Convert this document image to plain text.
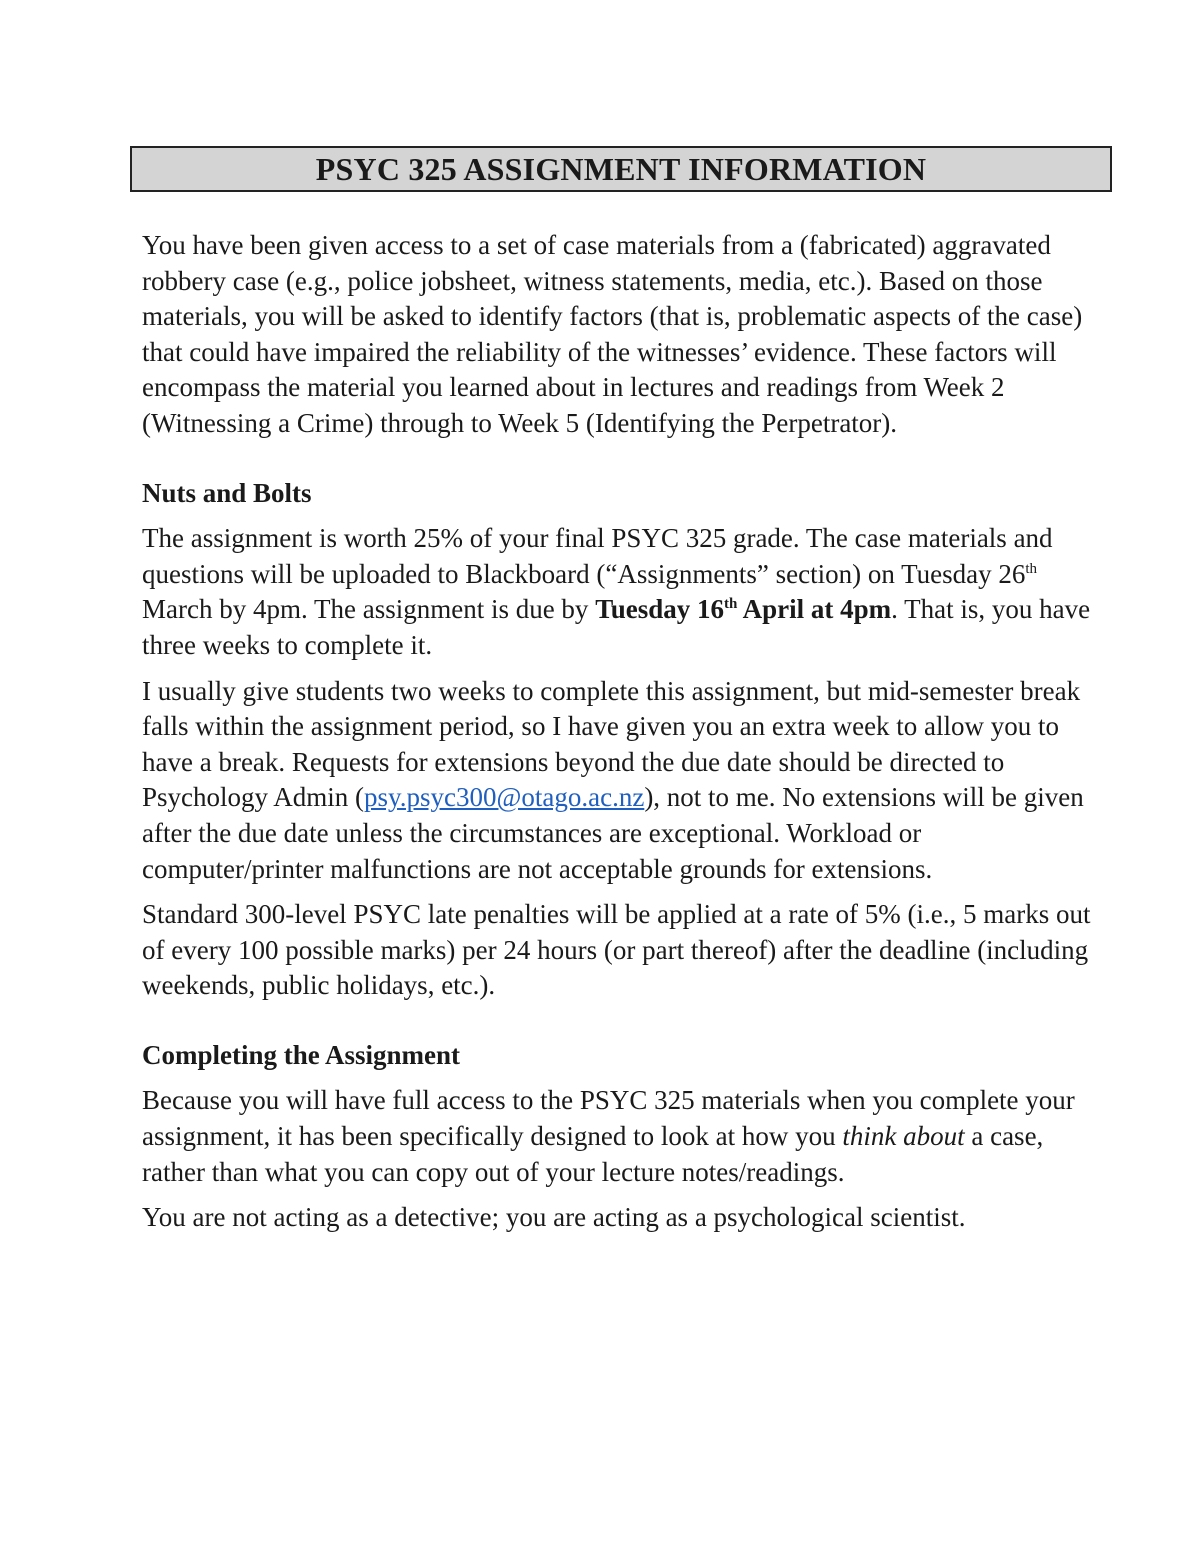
PSYC 325 ASSIGNMENT INFORMATION

You have been given access to a set of case materials from a (fabricated) aggravated robbery case (e.g., police jobsheet, witness statements, media, etc.). Based on those materials, you will be asked to identify factors (that is, problematic aspects of the case) that could have impaired the reliability of the witnesses’ evidence. These factors will encompass the material you learned about in lectures and readings from Week 2 (Witnessing a Crime) through to Week 5 (Identifying the Perpetrator).

Nuts and Bolts

The assignment is worth 25% of your final PSYC 325 grade. The case materials and questions will be uploaded to Blackboard (“Assignments” section) on Tuesday 26th March by 4pm. The assignment is due by Tuesday 16th April at 4pm. That is, you have three weeks to complete it.

I usually give students two weeks to complete this assignment, but mid-semester break falls within the assignment period, so I have given you an extra week to allow you to have a break. Requests for extensions beyond the due date should be directed to Psychology Admin (psy.psyc300@otago.ac.nz), not to me. No extensions will be given after the due date unless the circumstances are exceptional. Workload or computer/printer malfunctions are not acceptable grounds for extensions.

Standard 300-level PSYC late penalties will be applied at a rate of 5% (i.e., 5 marks out of every 100 possible marks) per 24 hours (or part thereof) after the deadline (including weekends, public holidays, etc.).

Completing the Assignment

Because you will have full access to the PSYC 325 materials when you complete your assignment, it has been specifically designed to look at how you think about a case, rather than what you can copy out of your lecture notes/readings.

You are not acting as a detective; you are acting as a psychological scientist.
